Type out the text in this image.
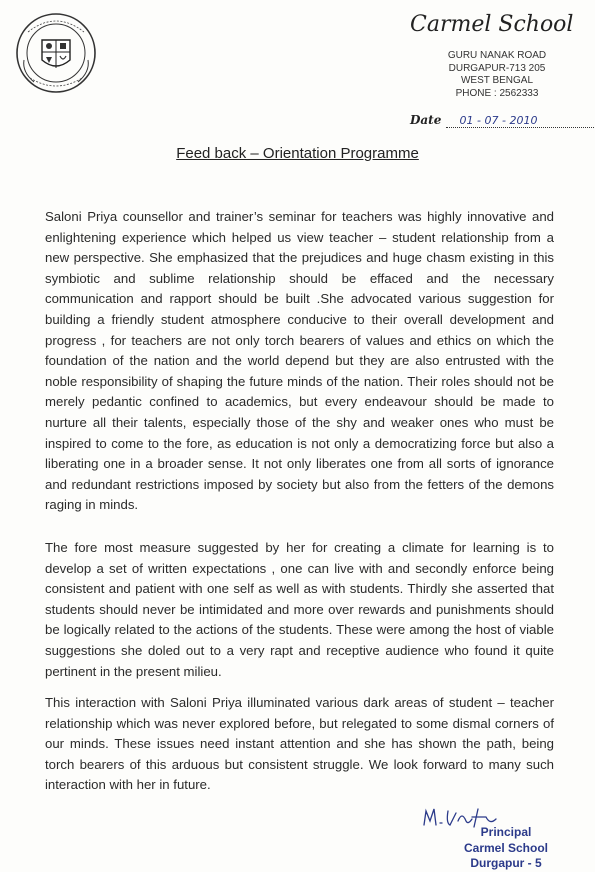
Carmel School
GURU NANAK ROAD
DURGAPUR-713 205
WEST BENGAL
PHONE : 2562333
Date 01 - 07 - 2010
Feed back – Orientation Programme

Saloni Priya counsellor and trainer’s seminar for teachers was highly innovative and enlightening experience which helped us view teacher – student relationship from a new perspective. She emphasized that the prejudices and huge chasm existing in this symbiotic and sublime relationship should be effaced and the necessary communication and rapport should be built .She advocated various suggestion for building a friendly student atmosphere conducive to their overall development and progress , for teachers are not only torch bearers of values and ethics on which the foundation of the nation and the world depend but they are also entrusted with the noble responsibility of shaping the future minds of the nation. Their roles should not be merely pedantic confined to academics, but every endeavour should be made to nurture all their talents, especially those of the shy and weaker ones who must be inspired to come to the fore, as education is not only a democratizing force but also a liberating one in a broader sense. It not only liberates one from all sorts of ignorance and redundant restrictions imposed by society but also from the fetters of the demons raging in minds.

The fore most measure suggested by her for creating a climate for learning is to develop a set of written expectations , one can live with and secondly enforce being consistent and patient with one self as well as with students. Thirdly she asserted that students should never be intimidated and more over rewards and punishments should be logically related to the actions of the students. These were among the host of viable suggestions she doled out to a very rapt and receptive audience who found it quite pertinent in the present milieu.

This interaction with Saloni Priya illuminated various dark areas of student – teacher relationship which was never explored before, but relegated to some dismal corners of our minds. These issues need instant attention and she has shown the path, being torch bearers of this arduous but consistent struggle. We look forward to many such interaction with her in future.

Principal
Carmel School
Durgapur - 5
